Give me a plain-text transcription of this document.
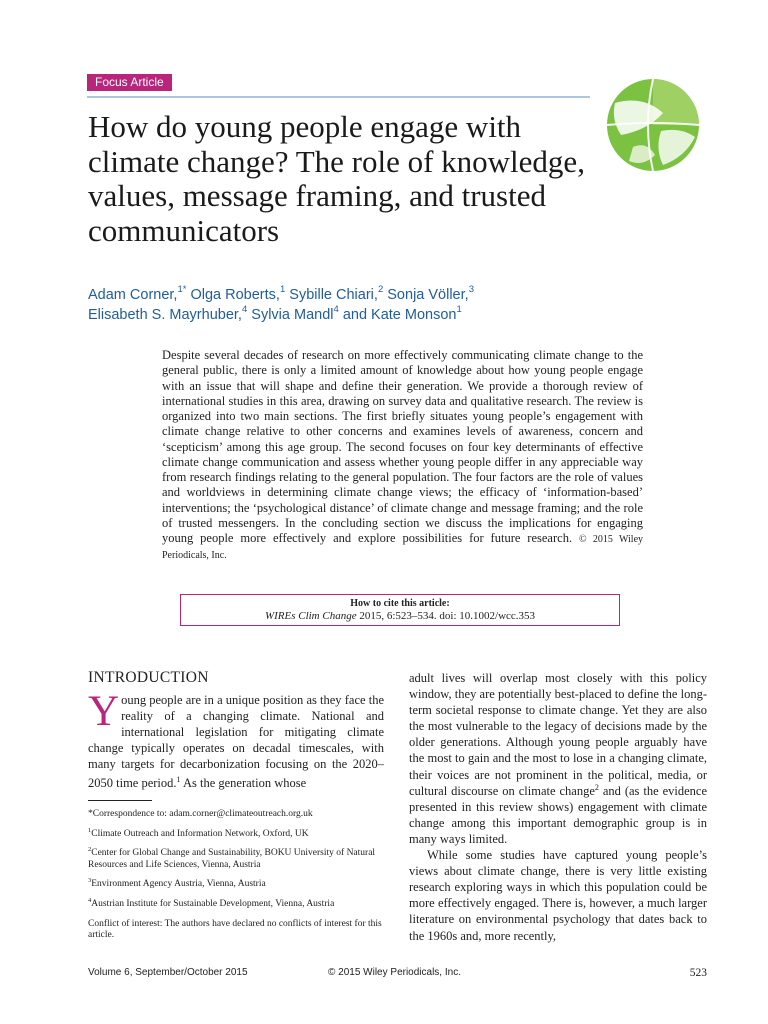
Focus Article
How do young people engage with climate change? The role of knowledge, values, message framing, and trusted communicators
Adam Corner,$^{1*}$ Olga Roberts,$^1$ Sybille Chiari,$^2$ Sonja Völler,$^3$
Elisabeth S. Mayrhuber,$^4$ Sylvia Mandl$^4$ and Kate Monson$^1$

Despite several decades of research on more effectively communicating climate change to the general public, there is only a limited amount of knowledge about how young people engage with an issue that will shape and define their generation. We provide a thorough review of international studies in this area, drawing on survey data and qualitative research. The review is organized into two main sections. The first briefly situates young people’s engagement with climate change relative to other concerns and examines levels of awareness, concern and ‘scepticism’ among this age group. The second focuses on four key determinants of effective climate change communication and assess whether young people differ in any appreciable way from research findings relating to the general population. The four factors are the role of values and worldviews in determining climate change views; the efficacy of ‘information-based’ interventions; the ‘psychological distance’ of climate change and message framing; and the role of trusted messengers. In the concluding section we discuss the implications for engaging young people more effectively and explore possibilities for future research. © 2015 Wiley Periodicals, Inc.

How to cite this article:
WIREs Clim Change 2015, 6:523–534. doi: 10.1002/wcc.353
INTRODUCTION

Young people are in a unique position as they face the reality of a changing climate. National and international legislation for mitigating climate change typically operates on decadal timescales, with many targets for decarbonization focusing on the 2020–2050 time period.$^1$ As the generation whose

*Correspondence to: adam.corner@climateoutreach.org.uk

$^1$Climate Outreach and Information Network, Oxford, UK

$^2$Center for Global Change and Sustainability, BOKU University of Natural Resources and Life Sciences, Vienna, Austria

$^3$Environment Agency Austria, Vienna, Austria

$^4$Austrian Institute for Sustainable Development, Vienna, Austria

Conflict of interest: The authors have declared no conflicts of interest for this article.

adult lives will overlap most closely with this policy window, they are potentially best-placed to define the long-term societal response to climate change. Yet they are also the most vulnerable to the legacy of decisions made by the older generations. Although young people arguably have the most to gain and the most to lose in a changing climate, their voices are not prominent in the political, media, or cultural discourse on climate change$^2$ and (as the evidence presented in this review shows) engagement with climate change among this important demographic group is in many ways limited.

While some studies have captured young people’s views about climate change, there is very little existing research exploring ways in which this population could be more effectively engaged. There is, however, a much larger literature on environmental psychology that dates back to the 1960s and, more recently,

Volume 6, September/October 2015	© 2015 Wiley Periodicals, Inc.	523
